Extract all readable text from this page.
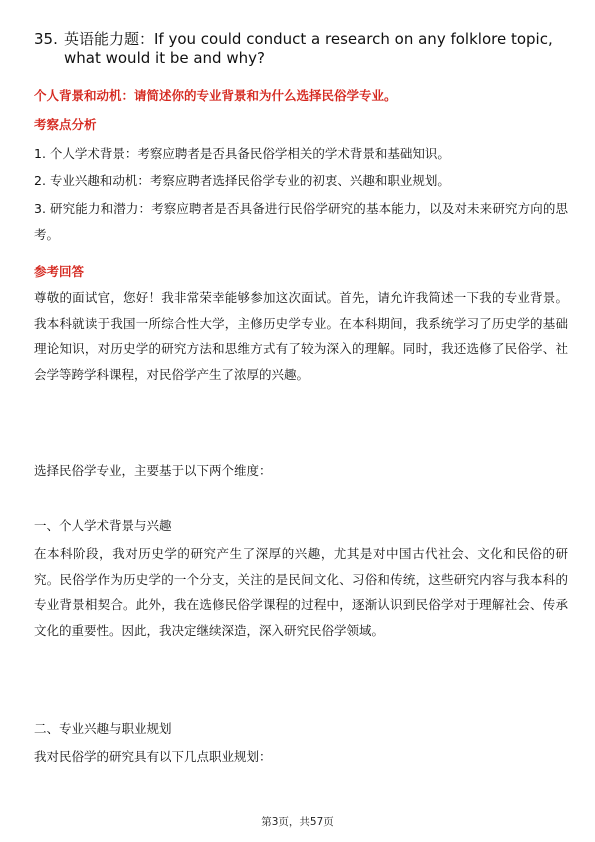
35. 英语能力题：If you could conduct a research on any folklore topic, what would it be and why?
个人背景和动机：请简述你的专业背景和为什么选择民俗学专业。
考察点分析
1. 个人学术背景：考察应聘者是否具备民俗学相关的学术背景和基础知识。
2. 专业兴趣和动机：考察应聘者选择民俗学专业的初衷、兴趣和职业规划。
3. 研究能力和潜力：考察应聘者是否具备进行民俗学研究的基本能力，以及对未来研究方向的思考。
参考回答
尊敬的面试官，您好！我非常荣幸能够参加这次面试。首先，请允许我简述一下我的专业背景。我本科就读于我国一所综合性大学，主修历史学专业。在本科期间，我系统学习了历史学的基础理论知识，对历史学的研究方法和思维方式有了较为深入的理解。同时，我还选修了民俗学、社会学等跨学科课程，对民俗学产生了浓厚的兴趣。
选择民俗学专业，主要基于以下两个维度：
一、个人学术背景与兴趣
在本科阶段，我对历史学的研究产生了深厚的兴趣，尤其是对中国古代社会、文化和民俗的研究。民俗学作为历史学的一个分支，关注的是民间文化、习俗和传统，这些研究内容与我本科的专业背景相契合。此外，我在选修民俗学课程的过程中，逐渐认识到民俗学对于理解社会、传承文化的重要性。因此，我决定继续深造，深入研究民俗学领域。
二、专业兴趣与职业规划
我对民俗学的研究具有以下几点职业规划：
第3页，共57页
